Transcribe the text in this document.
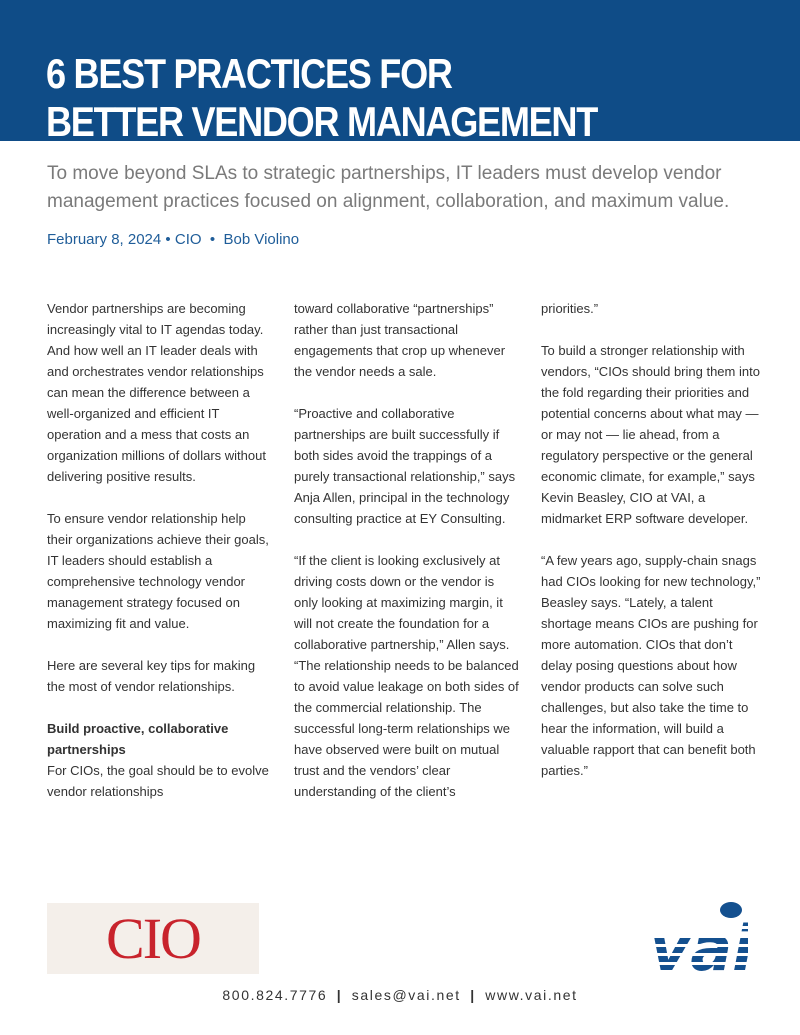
6 BEST PRACTICES FOR
BETTER VENDOR MANAGEMENT

To move beyond SLAs to strategic partnerships, IT leaders must develop vendor management practices focused on alignment, collaboration, and maximum value.

February 8, 2024 • CIO • Bob Violino

Vendor partnerships are becoming increasingly vital to IT agendas today. And how well an IT leader deals with and orchestrates vendor relationships can mean the difference between a well-organized and efficient IT operation and a mess that costs an organization millions of dollars without delivering positive results.

To ensure vendor relationship help their organizations achieve their goals, IT leaders should establish a comprehensive technology vendor management strategy focused on maximizing fit and value.

Here are several key tips for making the most of vendor relationships.

Build proactive, collaborative partnerships

For CIOs, the goal should be to evolve vendor relationships

toward collaborative “partnerships” rather than just transactional engagements that crop up whenever the vendor needs a sale.

“Proactive and collaborative partnerships are built successfully if both sides avoid the trappings of a purely transactional relationship,” says Anja Allen, principal in the technology consulting practice at EY Consulting.

“If the client is looking exclusively at driving costs down or the vendor is only looking at maximizing margin, it will not create the foundation for a collaborative partnership,” Allen says. “The relationship needs to be balanced to avoid value leakage on both sides of the commercial relationship. The successful long-term relationships we have observed were built on mutual trust and the vendors’ clear understanding of the client’s

priorities.”

To build a stronger relationship with vendors, “CIOs should bring them into the fold regarding their priorities and potential concerns about what may —or may not — lie ahead, from a regulatory perspective or the general economic climate, for example,” says Kevin Beasley, CIO at VAI, a midmarket ERP software developer.

“A few years ago, supply-chain snags had CIOs looking for new technology,” Beasley says. “Lately, a talent shortage means CIOs are pushing for more automation. CIOs that don’t delay posing questions about how vendor products can solve such challenges, but also take the time to hear the information, will build a valuable rapport that can benefit both parties.”

CIO
800.824.7776 | sales@vai.net | www.vai.net
